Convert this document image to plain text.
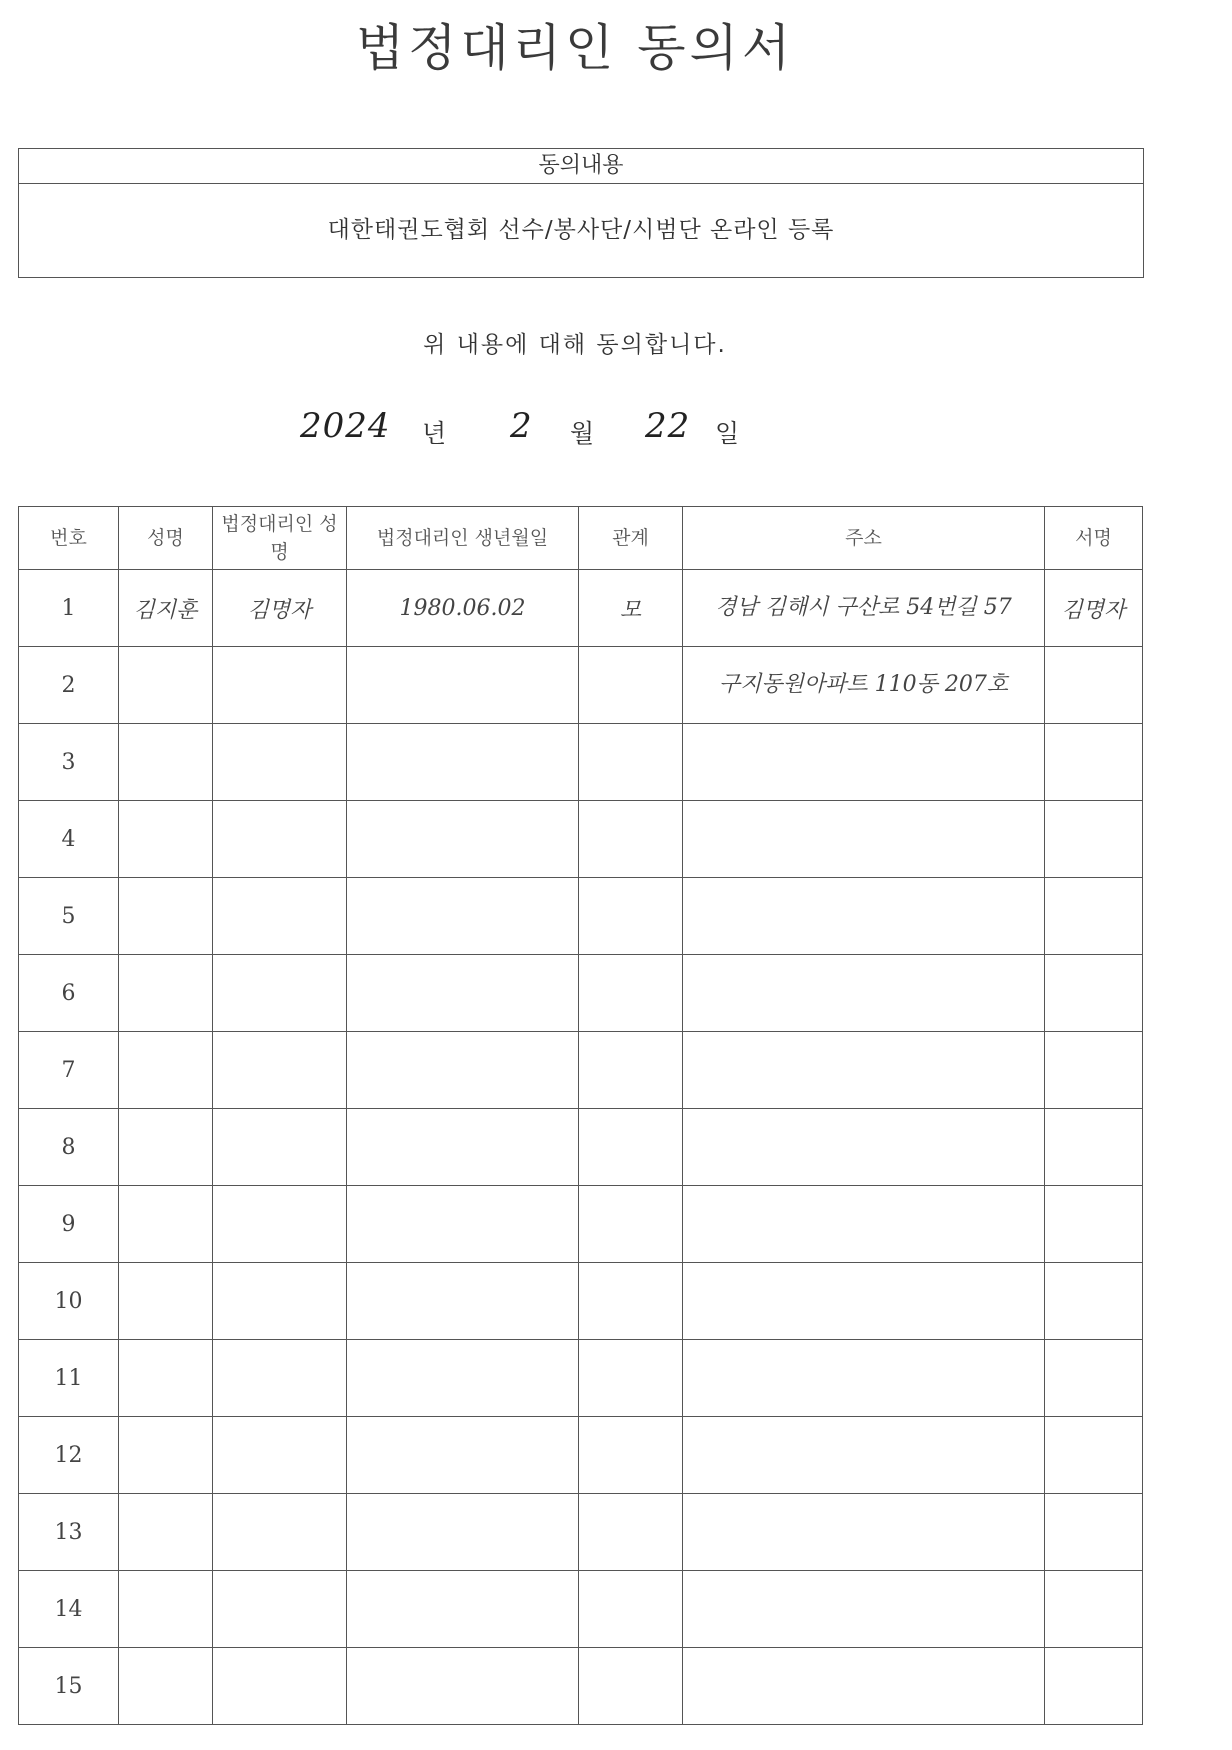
법정대리인 동의서
동의내용
대한태권도협회 선수/봉사단/시범단 온라인 등록
위 내용에 대해 동의합니다.
2024 년 2 월 22 일
번호	성명	법정대리인 성명	법정대리인 생년월일	관계	주소	서명
1	김지훈	김명자	1980.06.02	모	경남 김해시 구산로 54번길 57	김명자
2					구지동원아파트 110동 207호	
3						
4						
5						
6						
7						
8						
9						
10						
11						
12						
13						
14						
15						
